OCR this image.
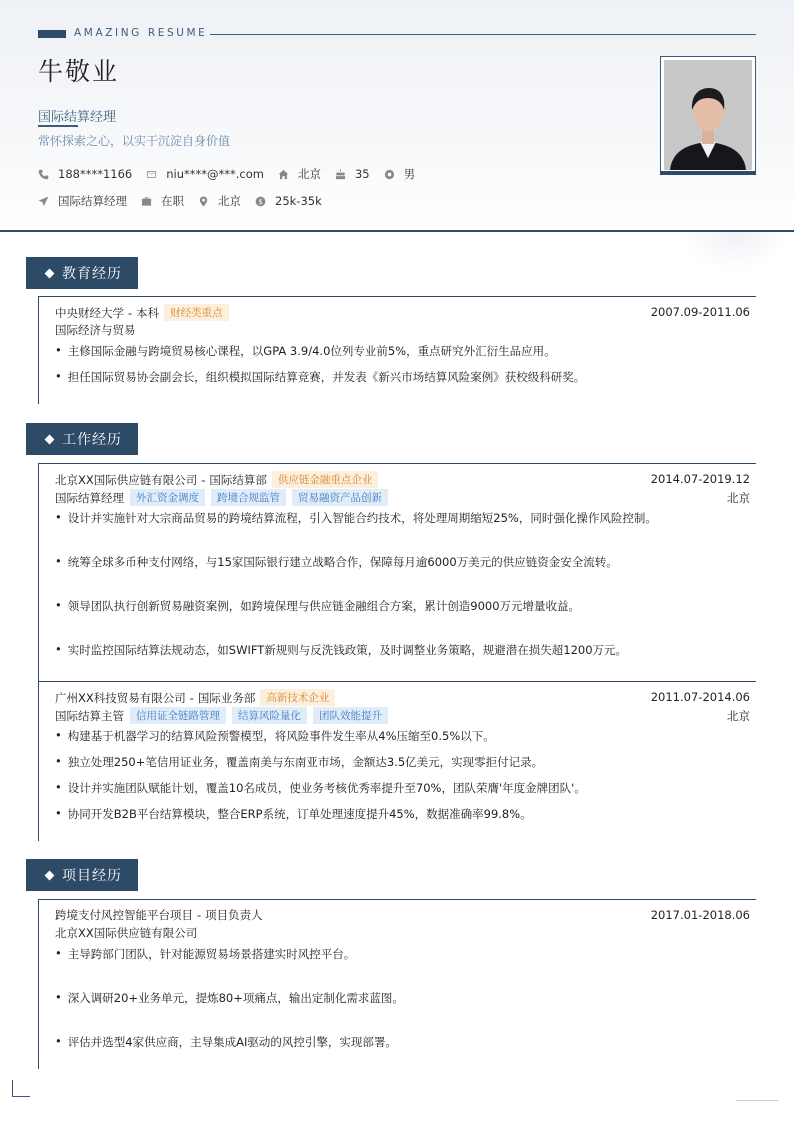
AMAZING RESUME
牛敬业
国际结算经理
常怀探索之心，以实干沉淀自身价值
188****1166	niu****@***.com	北京	35	男
国际结算经理	在职	北京 $ 25k-35k
教育经历
中央财经大学 - 本科	财经类重点	2007.09-2011.06
国际经济与贸易
• 主修国际金融与跨境贸易核心课程，以GPA 3.9/4.0位列专业前5%，重点研究外汇衍生品应用。
• 担任国际贸易协会副会长，组织模拟国际结算竞赛，并发表《新兴市场结算风险案例》获校级科研奖。
工作经历
北京XX国际供应链有限公司 - 国际结算部	供应链金融重点企业	2014.07-2019.12
国际结算经理	外汇资金调度	跨境合规监管	贸易融资产品创新	北京
• 设计并实施针对大宗商品贸易的跨境结算流程，引入智能合约技术，将处理周期缩短25%，同时强化操作风险控制。
• 统筹全球多币种支付网络，与15家国际银行建立战略合作，保障每月逾6000万美元的供应链资金安全流转。
• 领导团队执行创新贸易融资案例，如跨境保理与供应链金融组合方案，累计创造9000万元增量收益。
• 实时监控国际结算法规动态，如SWIFT新规则与反洗钱政策，及时调整业务策略，规避潜在损失超1200万元。
广州XX科技贸易有限公司 - 国际业务部	高新技术企业	2011.07-2014.06
国际结算主管	信用证全链路管理	结算风险量化	团队效能提升	北京
• 构建基于机器学习的结算风险预警模型，将风险事件发生率从4%压缩至0.5%以下。
• 独立处理250+笔信用证业务，覆盖南美与东南亚市场，金额达3.5亿美元，实现零拒付记录。
• 设计并实施团队赋能计划，覆盖10名成员，使业务考核优秀率提升至70%，团队荣膺'年度金牌团队'。
• 协同开发B2B平台结算模块，整合ERP系统，订单处理速度提升45%，数据准确率99.8%。
项目经历
跨境支付风控智能平台项目 - 项目负责人	2017.01-2018.06
北京XX国际供应链有限公司
• 主导跨部门团队，针对能源贸易场景搭建实时风控平台。
• 深入调研20+业务单元，提炼80+项痛点，输出定制化需求蓝图。
• 评估并选型4家供应商，主导集成AI驱动的风控引擎，实现部署。
